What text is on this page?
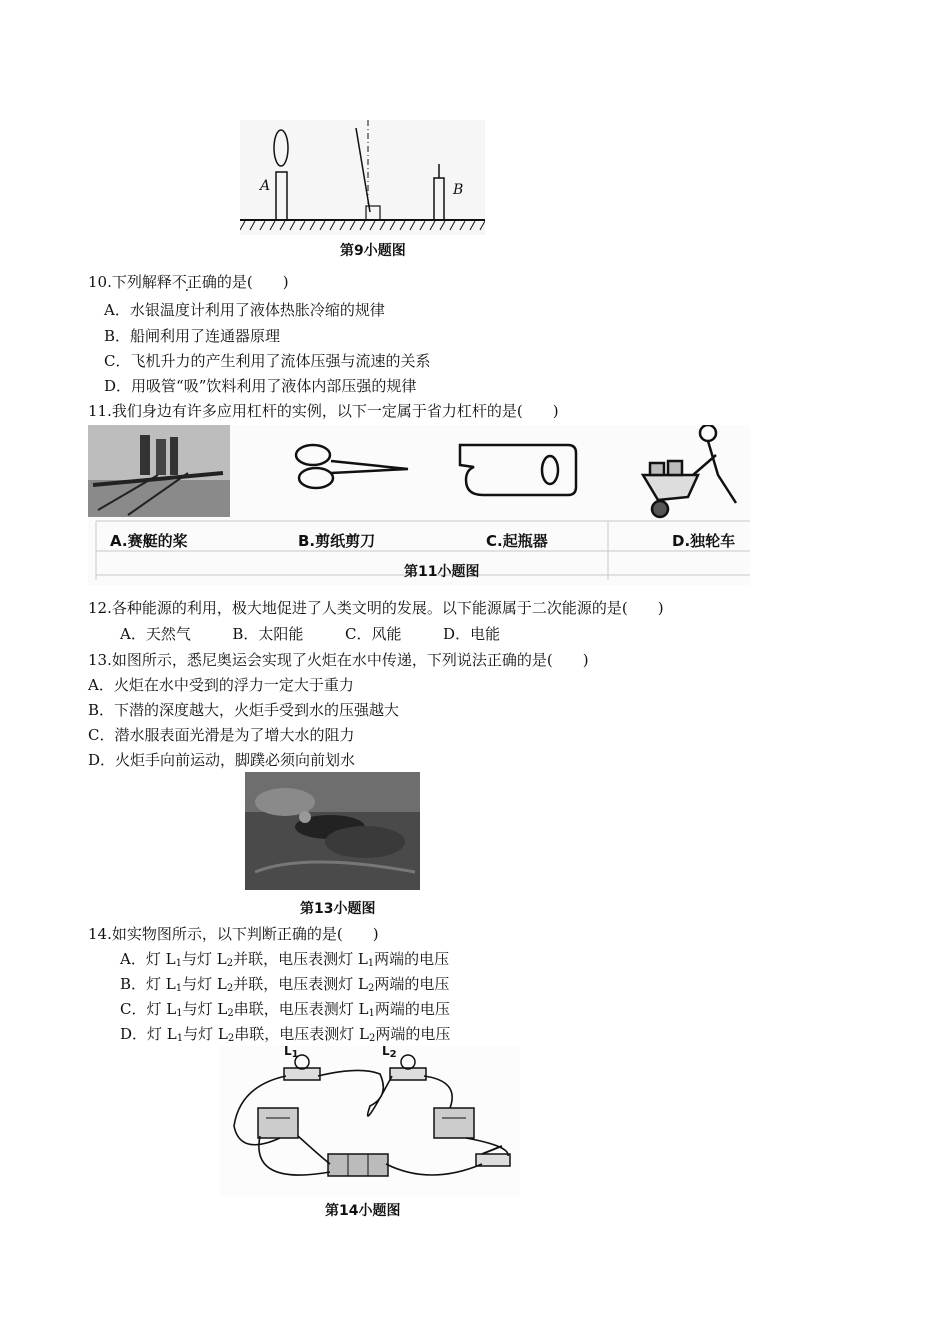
A	B
第9小题图
10.下列解释不正确的是(　　)
A．水银温度计利用了液体热胀冷缩的规律
B．船闸利用了连通器原理
C．飞机升力的产生利用了流体压强与流速的关系
D．用吸管“吸”饮料利用了液体内部压强的规律
11.我们身边有许多应用杠杆的实例，以下一定属于省力杠杆的是(　　)
A.赛艇的桨	B.剪纸剪刀	C.起瓶器	D.独轮车
第11小题图
12.各种能源的利用，极大地促进了人类文明的发展。以下能源属于二次能源的是(　　)
A．天然气	B．太阳能	C．风能	D．电能
13.如图所示，悉尼奥运会实现了火炬在水中传递，下列说法正确的是(　　)
A．火炬在水中受到的浮力一定大于重力
B．下潜的深度越大，火炬手受到水的压强越大
C．潜水服表面光滑是为了增大水的阻力
D．火炬手向前运动，脚蹼必须向前划水
第13小题图
14.如实物图所示，以下判断正确的是(　　)
A．灯 $L_1$与灯 $L_2$并联，电压表测灯 $L_1$两端的电压
B．灯 $L_1$与灯 $L_2$并联，电压表测灯 $L_2$两端的电压
C．灯 $L_1$与灯 $L_2$串联，电压表测灯 $L_1$两端的电压
D．灯 $L_1$与灯 $L_2$串联，电压表测灯 $L_2$两端的电压
$L_1$	$L_2$
第14小题图
